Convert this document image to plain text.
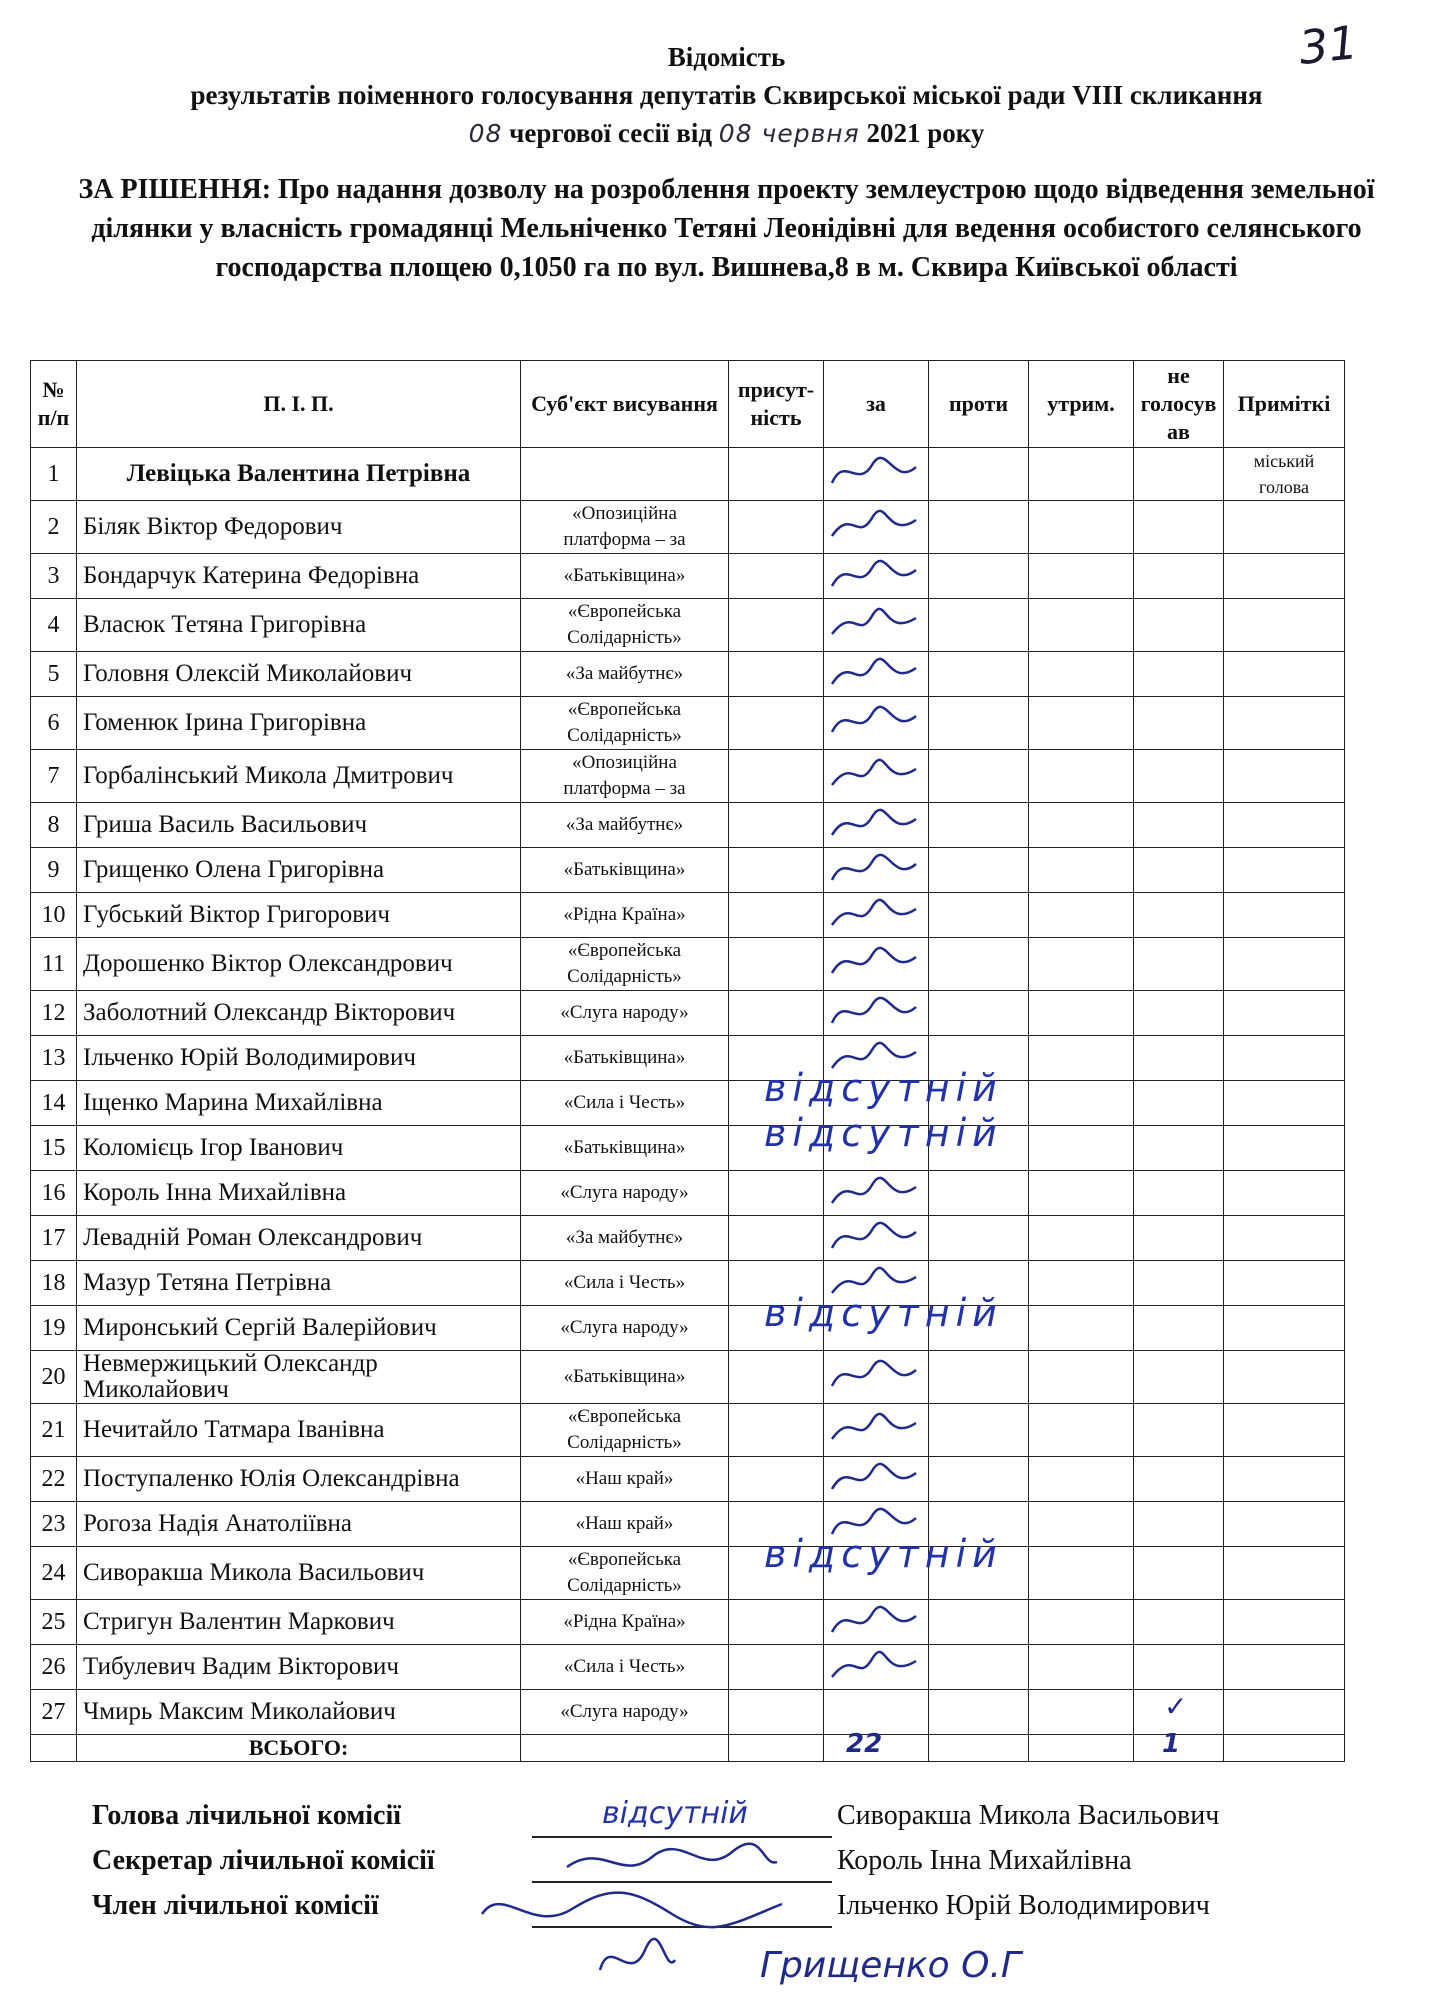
31
Відомість
результатів поіменного голосування депутатів Сквирської міської ради VIII скликання
08 чергової сесії від 08 червня 2021 року
ЗА РІШЕННЯ: Про надання дозволу на розроблення проекту землеустрою щодо відведення земельної ділянки у власність громадянці Мельніченко Тетяні Леонідівні для ведення особистого селянського господарства площею 0,1050 га по вул. Вишнева,8 в м. Сквира Київської області
№ п/п	П. І. П.	Суб'єкт висування	присут-ність	за	проти	утрим.	не голосув ав	Приміткі
1	Левіцька Валентина Петрівна							міський голова
2	Біляк Віктор Федорович	«Опозиційна платформа – за		

3	Бондарчук Катерина Федорівна	«Батьківщина»		

4	Власюк Тетяна Григорівна	«Європейська Солідарність»		

5	Головня Олексій Миколайович	«За майбутнє»		

6	Гоменюк Ірина Григорівна	«Європейська Солідарність»		

7	Горбалінський Микола Дмитрович	«Опозиційна платформа – за		

8	Гриша Василь Васильович	«За майбутнє»		

9	Грищенко Олена Григорівна	«Батьківщина»		

10	Губський Віктор Григорович	«Рідна Країна»		

11	Дорошенко Віктор Олександрович	«Європейська Солідарність»		

12	Заболотний Олександр Вікторович	«Слуга народу»		

13	Ільченко Юрій Володимирович	«Батьківщина»		

14	Іщенко Марина Михайлівна	«Сила і Честь»		відсутній				

15	Коломієць Ігор Іванович	«Батьківщина»		відсутній				

16	Король Інна Михайлівна	«Слуга народу»		

17	Левадній Роман Олександрович	«За майбутнє»		

18	Мазур Тетяна Петрівна	«Сила і Честь»		

19	Миронський Сергій Валерійович	«Слуга народу»		відсутній				

20	Невмержицький Олександр Миколайович	«Батьківщина»		

21	Нечитайло Татмара Іванівна	«Європейська Солідарність»		

22	Поступаленко Юлія Олександрівна	«Наш край»		

23	Рогоза Надія Анатоліївна	«Наш край»		

24	Сиворакша Микола Васильович	«Європейська Солідарність»		відсутній				

25	Стригун Валентин Маркович	«Рідна Країна»		

26	Тибулевич Вадим Вікторович	«Сила і Честь»		

27	Чмирь Максим Миколайович	«Слуга народу»					✓	

	ВСЬОГО:			22			1	

Голова лічильної комісії	відсутній	Сиворакша Микола Васильович
Секретар лічильної комісії	Король Інна Михайлівна
Член лічильної комісії	Ільченко Юрій Володимирович
Грищенко О.Г
